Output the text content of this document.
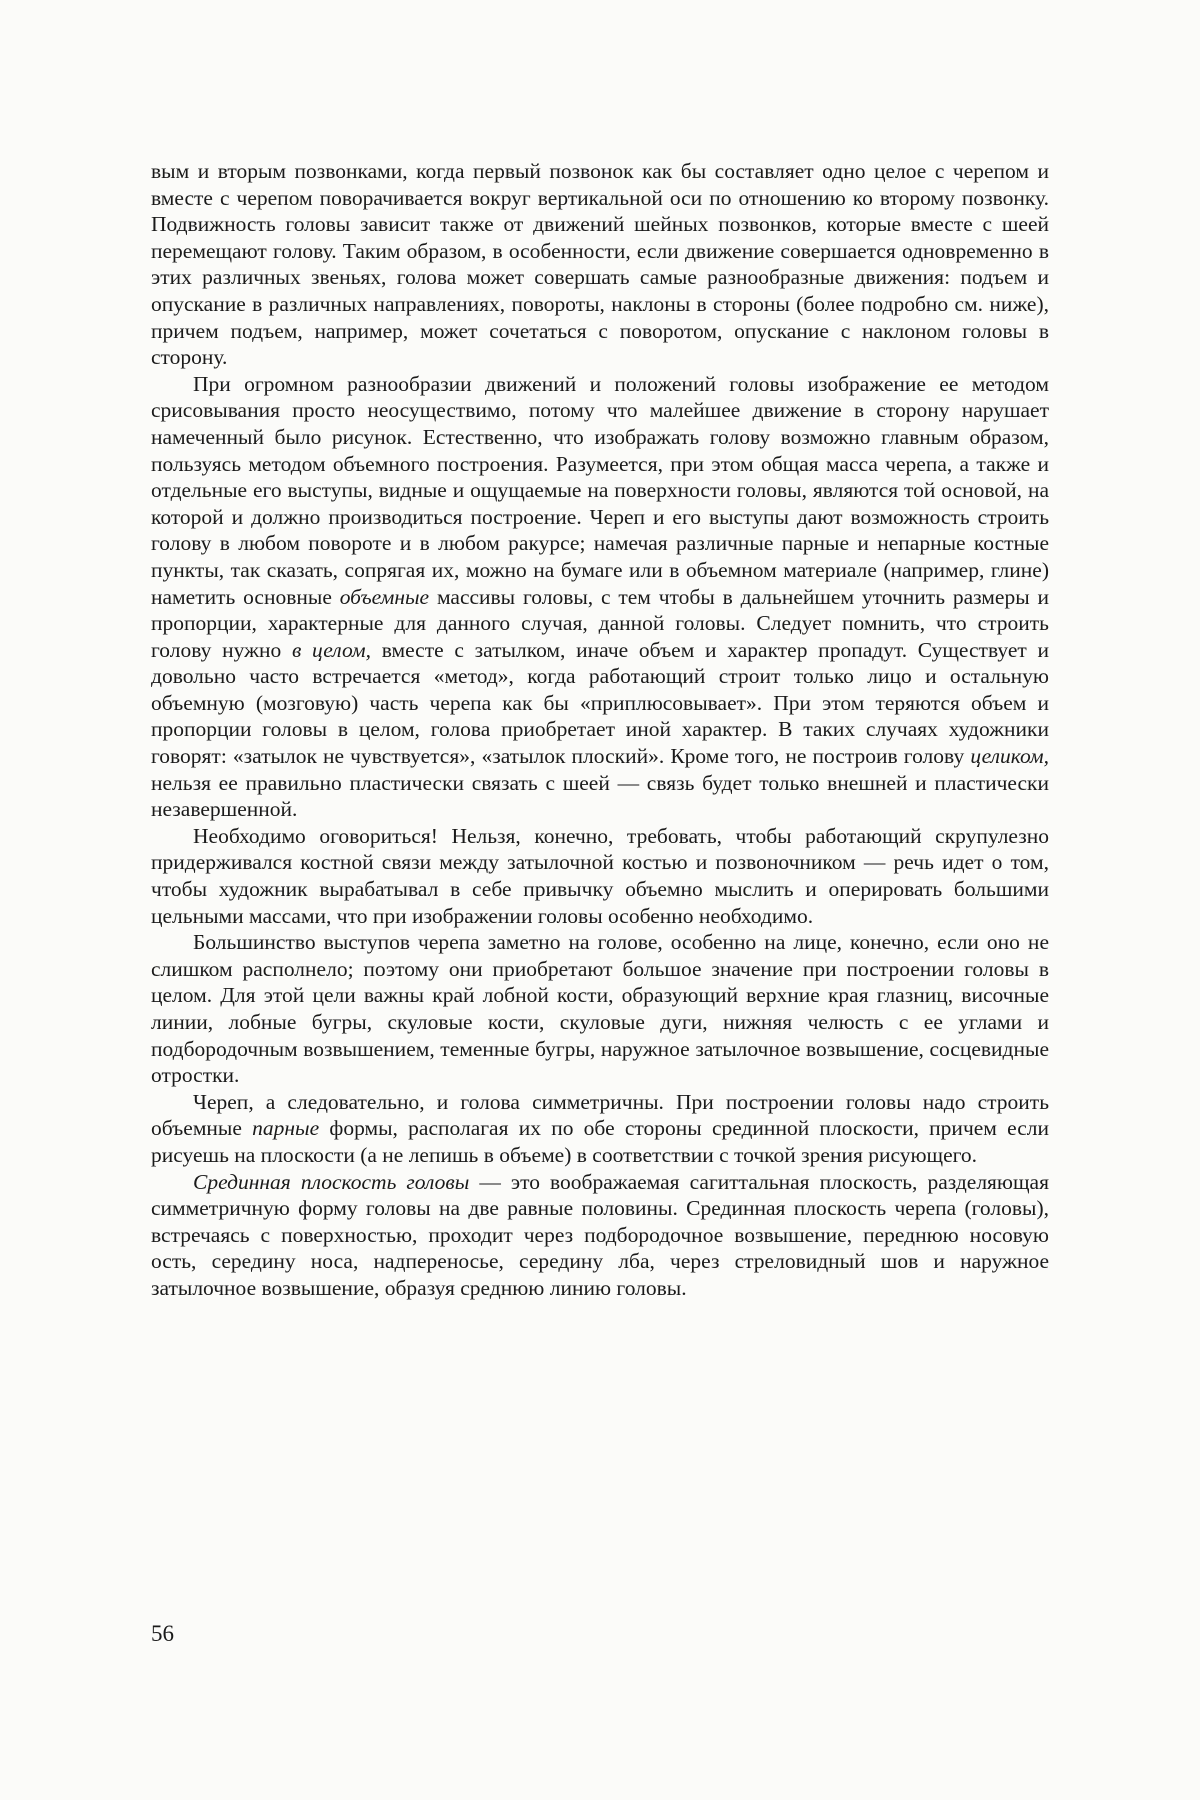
вым и вторым позвонками, когда первый позвонок как бы составляет одно целое с черепом и вместе с черепом поворачивается вокруг вертикальной оси по отношению ко второму позвонку. Подвижность головы зависит также от движений шейных позвонков, которые вместе с шеей перемещают голову. Таким образом, в особенности, если движение совершается одновременно в этих различных звеньях, голова может совершать самые разнообразные движения: подъем и опускание в различных направлениях, повороты, наклоны в стороны (более подробно см. ниже), причем подъем, например, может сочетаться с поворотом, опускание с наклоном головы в сторону.

При огромном разнообразии движений и положений головы изображение ее методом срисовывания просто неосуществимо, потому что малейшее движение в сторону нарушает намеченный было рисунок. Естественно, что изображать голову возможно главным образом, пользуясь методом объемного построения. Разумеется, при этом общая масса черепа, а также и отдельные его выступы, видные и ощущаемые на поверхности головы, являются той основой, на которой и должно производиться построение. Череп и его выступы дают возможность строить голову в любом повороте и в любом ракурсе; намечая различные парные и непарные костные пункты, так сказать, сопрягая их, можно на бумаге или в объемном материале (например, глине) наметить основные объемные массивы головы, с тем чтобы в дальнейшем уточнить размеры и пропорции, характерные для данного случая, данной головы. Следует помнить, что строить голову нужно в целом, вместе с затылком, иначе объем и характер пропадут. Существует и довольно часто встречается «метод», когда работающий строит только лицо и остальную объемную (мозговую) часть черепа как бы «приплюсовывает». При этом теряются объем и пропорции головы в целом, голова приобретает иной характер. В таких случаях художники говорят: «затылок не чувствуется», «затылок плоский». Кроме того, не построив голову целиком, нельзя ее правильно пластически связать с шеей — связь будет только внешней и пластически незавершенной.

Необходимо оговориться! Нельзя, конечно, требовать, чтобы работающий скрупулезно придерживался костной связи между затылочной костью и позвоночником — речь идет о том, чтобы художник вырабатывал в себе привычку объемно мыслить и оперировать большими цельными массами, что при изображении головы особенно необходимо.

Большинство выступов черепа заметно на голове, особенно на лице, конечно, если оно не слишком располнело; поэтому они приобретают большое значение при построении головы в целом. Для этой цели важны край лобной кости, образующий верхние края глазниц, височные линии, лобные бугры, скуловые кости, скуловые дуги, нижняя челюсть с ее углами и подбородочным возвышением, теменные бугры, наружное затылочное возвышение, сосцевидные отростки.

Череп, а следовательно, и голова симметричны. При построении головы надо строить объемные парные формы, располагая их по обе стороны срединной плоскости, причем если рисуешь на плоскости (а не лепишь в объеме) в соответствии с точкой зрения рисующего.

Срединная плоскость головы — это воображаемая сагиттальная плоскость, разделяющая симметричную форму головы на две равные половины. Срединная плоскость черепа (головы), встречаясь с поверхностью, проходит через подбородочное возвышение, переднюю носовую ость, середину носа, надпереносье, середину лба, через стреловидный шов и наружное затылочное возвышение, образуя среднюю линию головы.

56
